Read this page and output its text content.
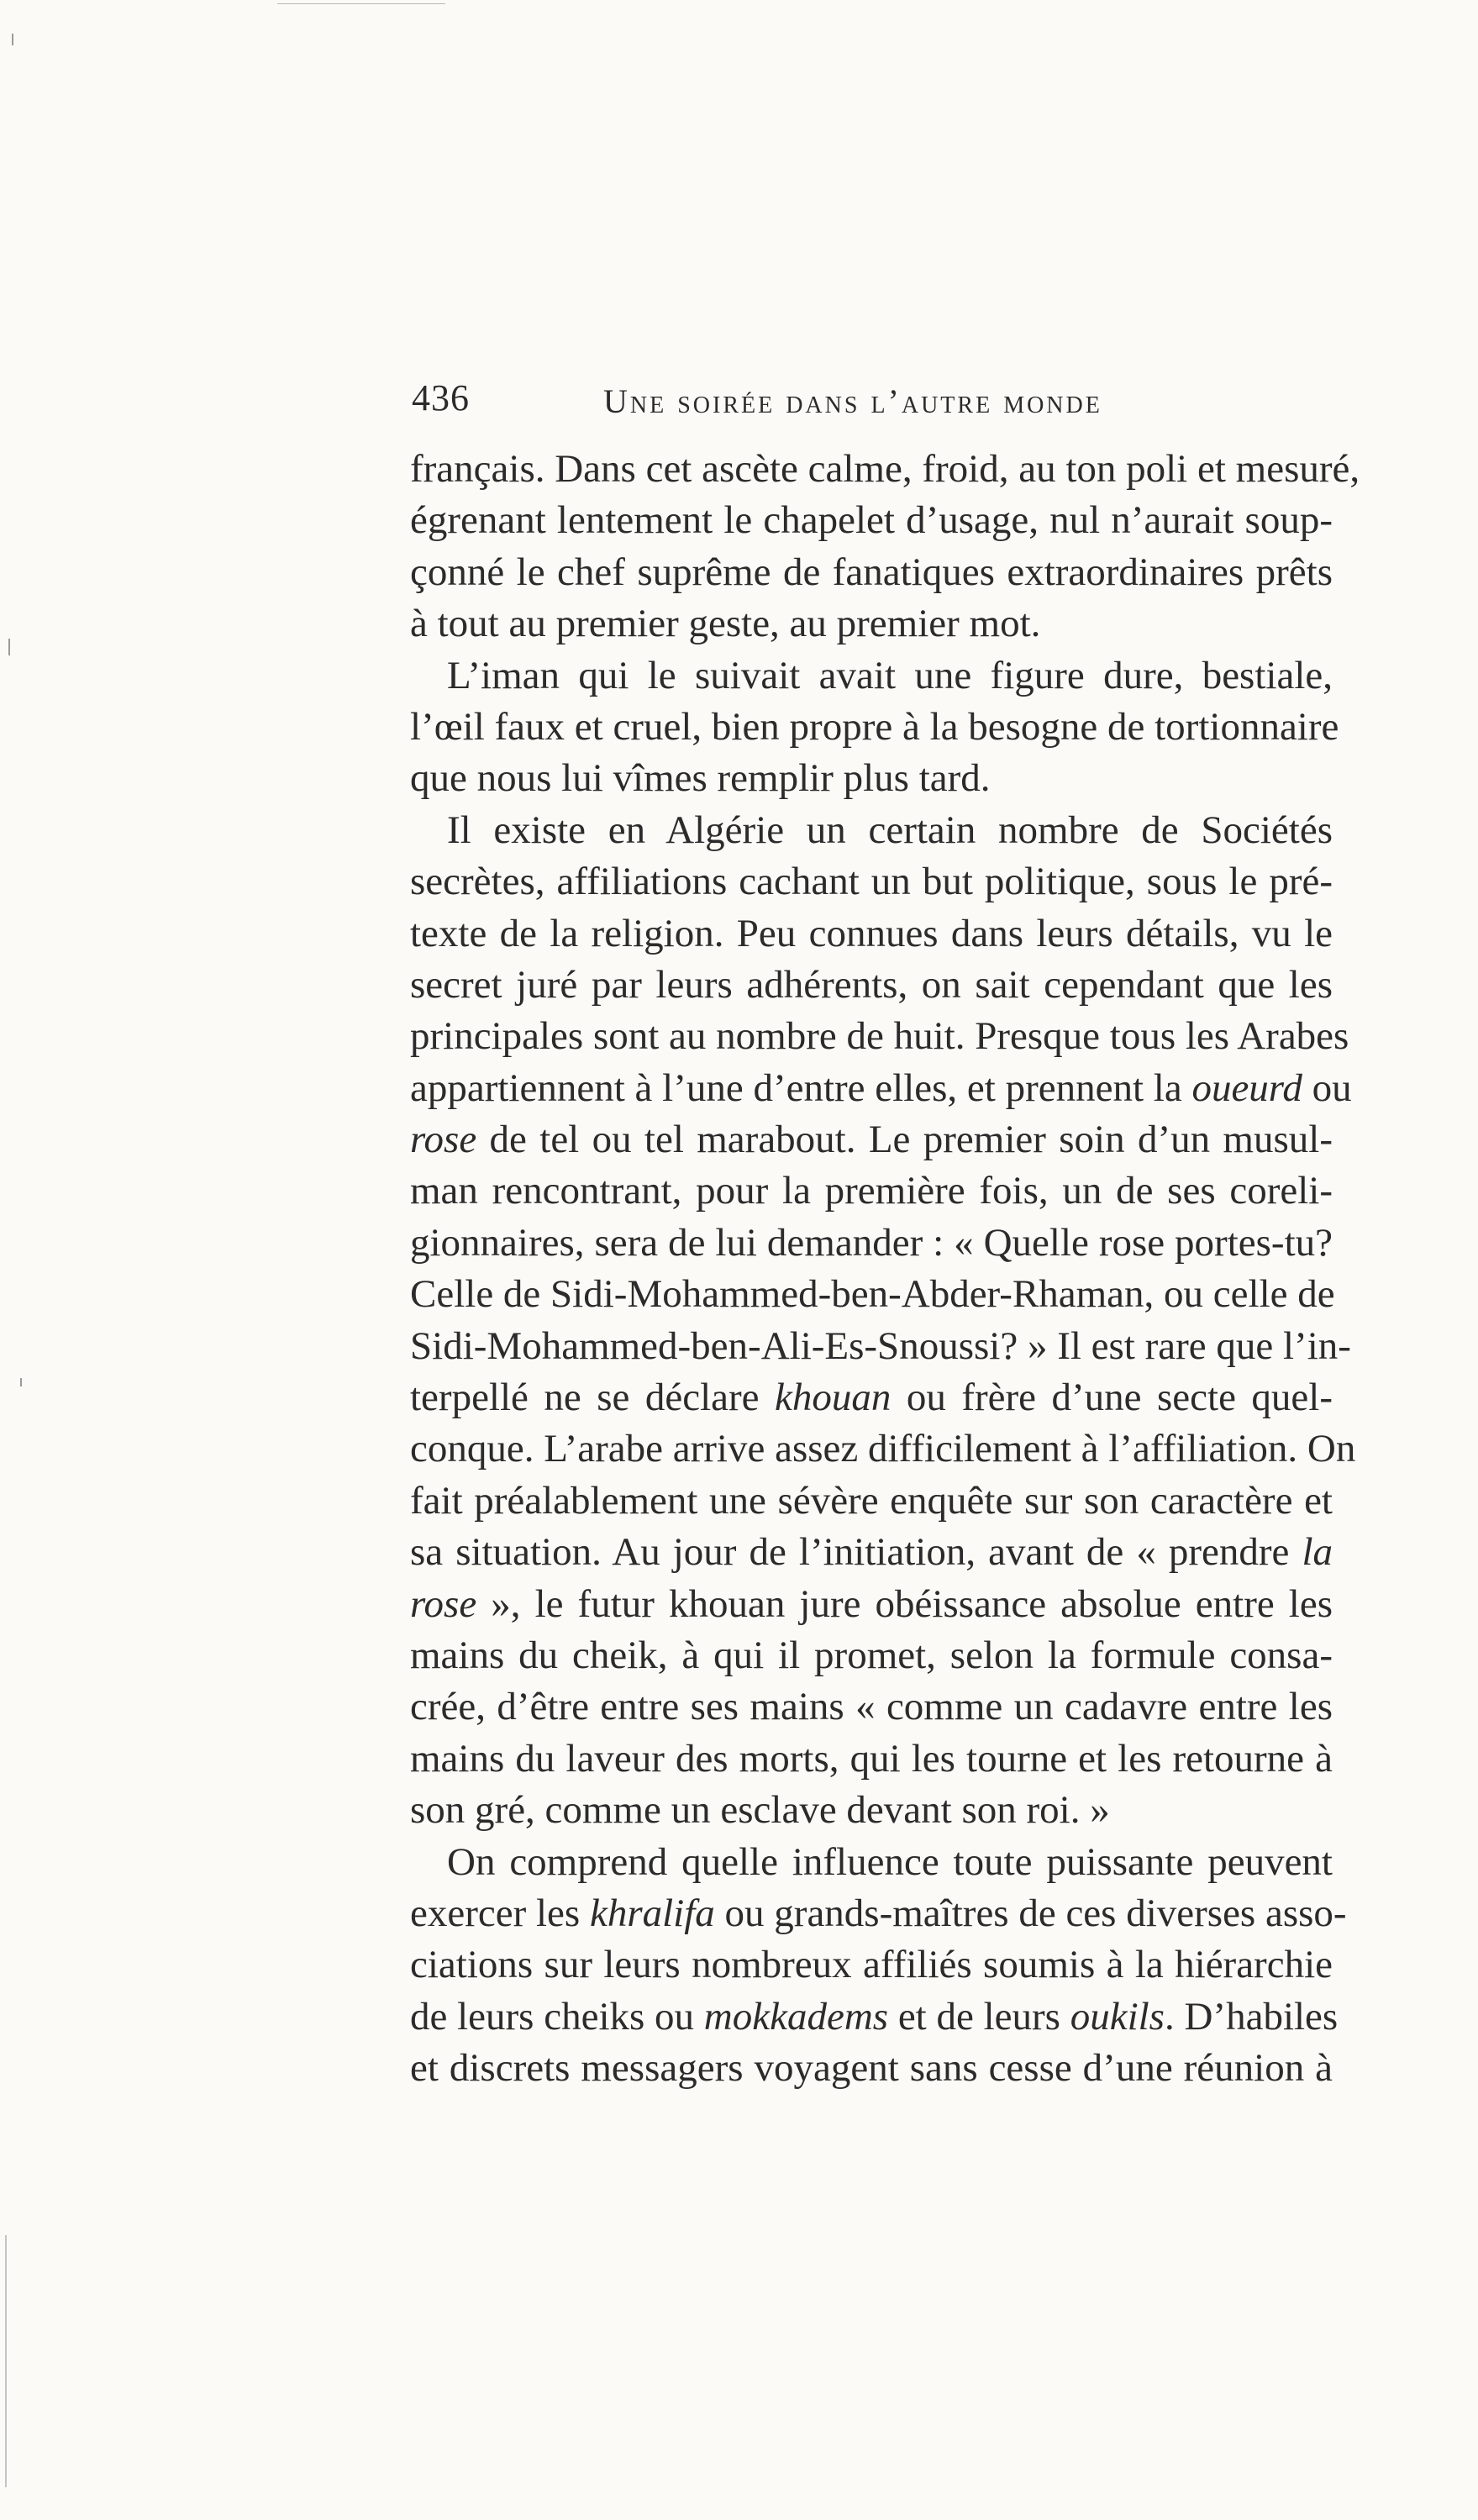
436	Une soirée dans l’autre monde
français. Dans cet ascète calme, froid, au ton poli et mesuré,
égrenant lentement le chapelet d’usage, nul n’aurait soup-
çonné le chef suprême de fanatiques extraordinaires prêts
à tout au premier geste, au premier mot.
L’iman qui le suivait avait une figure dure, bestiale,
l’œil faux et cruel, bien propre à la besogne de tortionnaire
que nous lui vîmes remplir plus tard.
Il existe en Algérie un certain nombre de Sociétés
secrètes, affiliations cachant un but politique, sous le pré-
texte de la religion. Peu connues dans leurs détails, vu le
secret juré par leurs adhérents, on sait cependant que les
principales sont au nombre de huit. Presque tous les Arabes
appartiennent à l’une d’entre elles, et prennent la oueurd ou
rose de tel ou tel marabout. Le premier soin d’un musul-
man rencontrant, pour la première fois, un de ses coreli-
gionnaires, sera de lui demander : « Quelle rose portes-tu?
Celle de Sidi-Mohammed-ben-Abder-Rhaman, ou celle de
Sidi-Mohammed-ben-Ali-Es-Snoussi? » Il est rare que l’in-
terpellé ne se déclare khouan ou frère d’une secte quel-
conque. L’arabe arrive assez difficilement à l’affiliation. On
fait préalablement une sévère enquête sur son caractère et
sa situation. Au jour de l’initiation, avant de « prendre la
rose », le futur khouan jure obéissance absolue entre les
mains du cheik, à qui il promet, selon la formule consa-
crée, d’être entre ses mains « comme un cadavre entre les
mains du laveur des morts, qui les tourne et les retourne à
son gré, comme un esclave devant son roi. »
On comprend quelle influence toute puissante peuvent
exercer les khralifa ou grands-maîtres de ces diverses asso-
ciations sur leurs nombreux affiliés soumis à la hiérarchie
de leurs cheiks ou mokkadems et de leurs oukils. D’habiles
et discrets messagers voyagent sans cesse d’une réunion à
